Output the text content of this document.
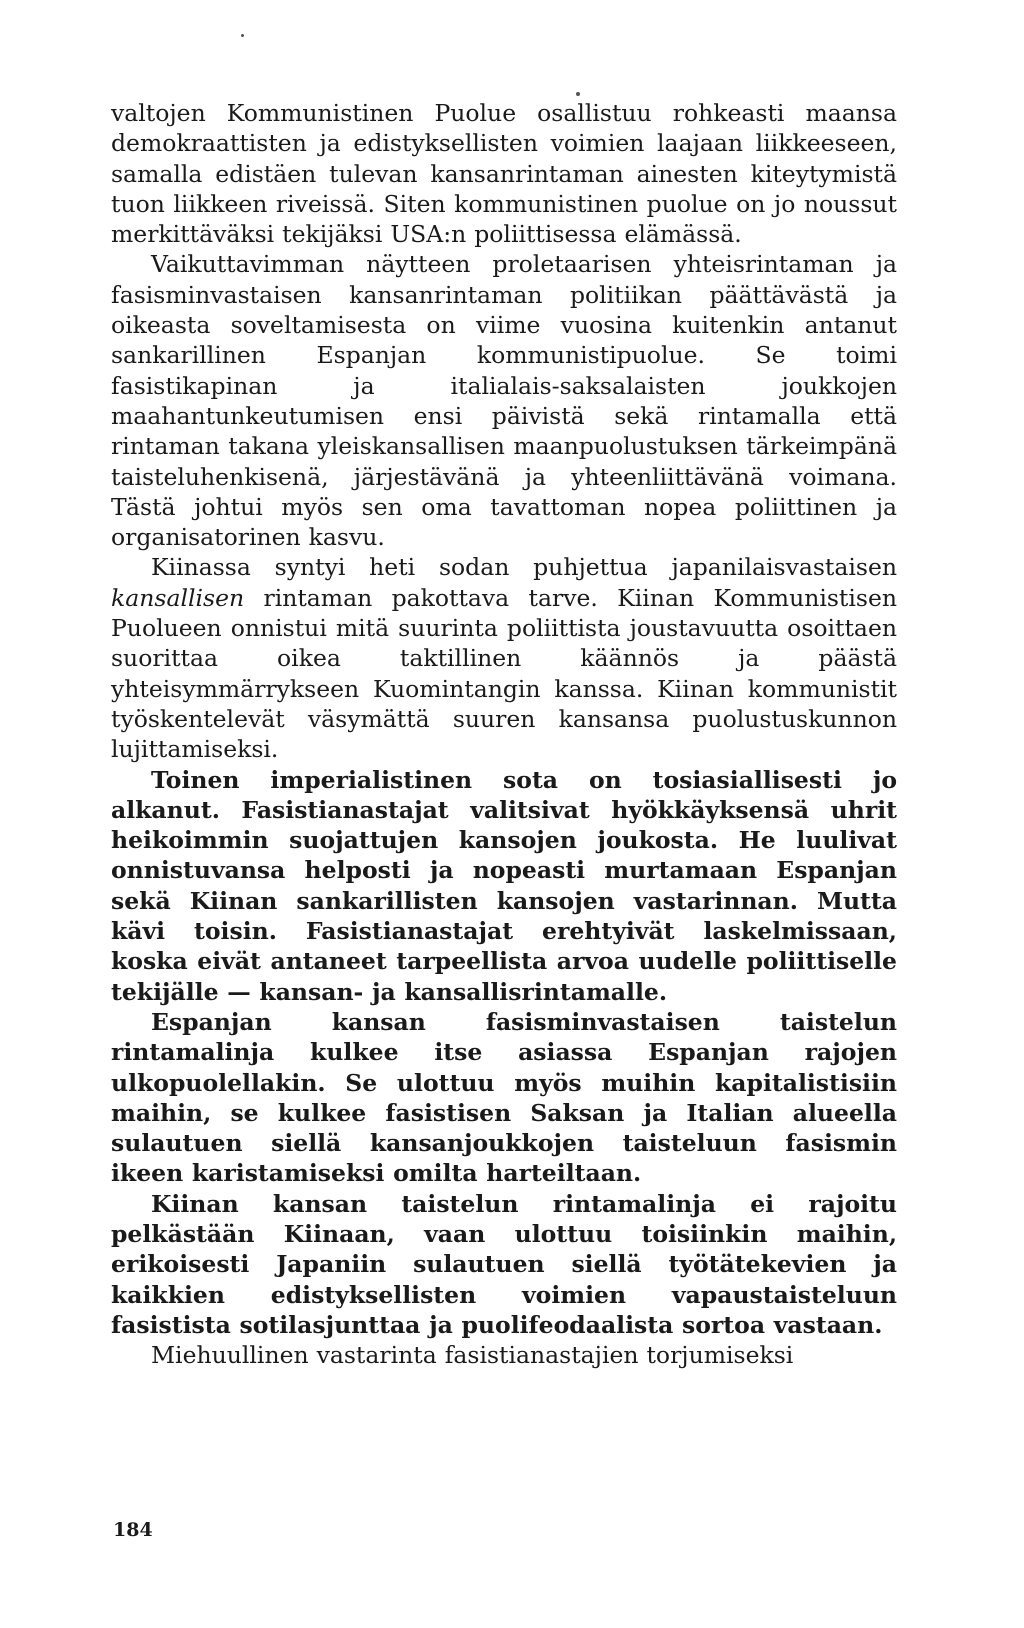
valtojen Kommunistinen Puolue osallistuu rohkeasti maansa demokraattisten ja edistyksellisten voimien laajaan liikkeeseen, samalla edistäen tulevan kansanrintaman ainesten kiteytymistä tuon liikkeen riveissä. Siten kommunistinen puolue on jo noussut merkittäväksi tekijäksi USA:n poliittisessa elämässä.

Vaikuttavimman näytteen proletaarisen yhteisrintaman ja fasisminvastaisen kansanrintaman politiikan päättävästä ja oikeasta soveltamisesta on viime vuosina kuitenkin antanut sankarillinen Espanjan kommunistipuolue. Se toimi fasistikapinan ja italialais-saksalaisten joukkojen maahantunkeutumisen ensi päivistä sekä rintamalla että rintaman takana yleiskansallisen maanpuolustuksen tärkeimpänä taisteluhenkisenä, järjestävänä ja yhteenliittävänä voimana. Tästä johtui myös sen oma tavattoman nopea poliittinen ja organisatorinen kasvu.

Kiinassa syntyi heti sodan puhjettua japanilaisvastaisen kansallisen rintaman pakottava tarve. Kiinan Kommunistisen Puolueen onnistui mitä suurinta poliittista joustavuutta osoittaen suorittaa oikea taktillinen käännös ja päästä yhteisymmärrykseen Kuomintangin kanssa. Kiinan kommunistit työskentelevät väsymättä suuren kansansa puolustuskunnon lujittamiseksi.

Toinen imperialistinen sota on tosiasiallisesti jo alkanut. Fasistianastajat valitsivat hyökkäyksensä uhrit heikoimmin suojattujen kansojen joukosta. He luulivat onnistuvansa helposti ja nopeasti murtamaan Espanjan sekä Kiinan sankarillisten kansojen vastarinnan. Mutta kävi toisin. Fasistianastajat erehtyivät laskelmissaan, koska eivät antaneet tarpeellista arvoa uudelle poliittiselle tekijälle — kansan- ja kansallisrintamalle.

Espanjan kansan fasisminvastaisen taistelun rintamalinja kulkee itse asiassa Espanjan rajojen ulkopuolellakin. Se ulottuu myös muihin kapitalistisiin maihin, se kulkee fasistisen Saksan ja Italian alueella sulautuen siellä kansanjoukkojen taisteluun fasismin ikeen karistamiseksi omilta harteiltaan.

Kiinan kansan taistelun rintamalinja ei rajoitu pelkästään Kiinaan, vaan ulottuu toisiinkin maihin, erikoisesti Japaniin sulautuen siellä työtätekevien ja kaikkien edistyksellisten voimien vapaustaisteluun fasistista sotilasjunttaa ja puolifeodaalista sortoa vastaan.

Miehuullinen vastarinta fasistianastajien torjumiseksi

184
